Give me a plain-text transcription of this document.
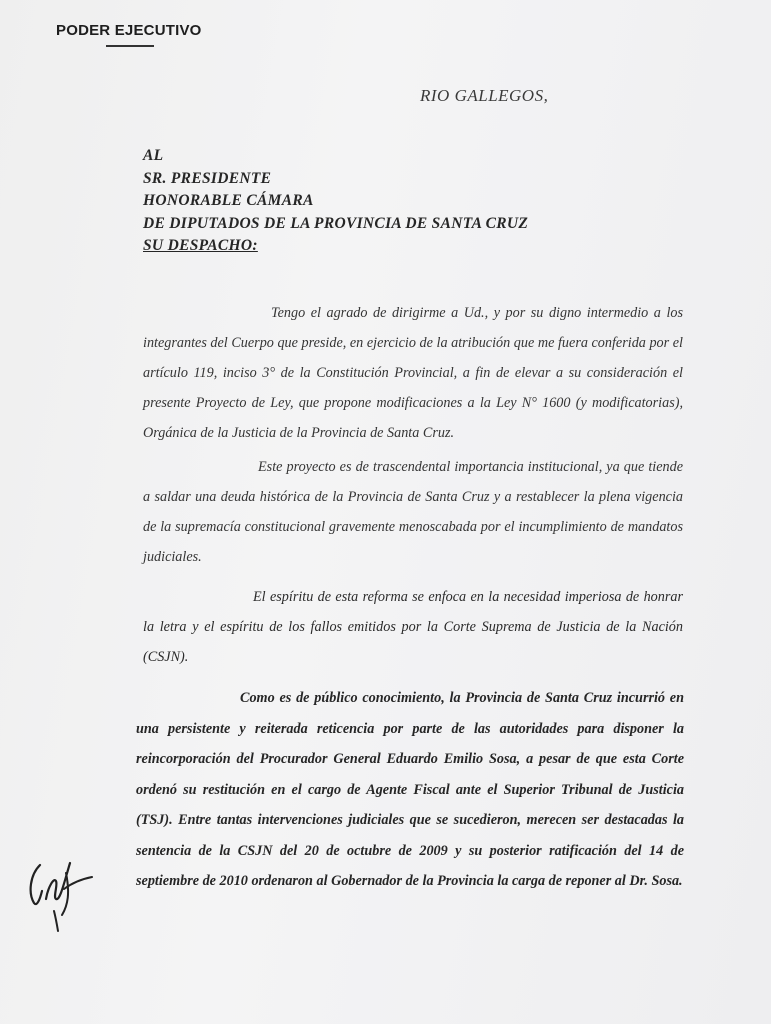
PODER EJECUTIVO
RIO GALLEGOS,
AL
SR. PRESIDENTE
HONORABLE CÁMARA
DE DIPUTADOS DE LA PROVINCIA DE SANTA CRUZ
SU DESPACHO:
Tengo el agrado de dirigirme a Ud., y por su digno intermedio a los integrantes del Cuerpo que preside, en ejercicio de la atribución que me fuera conferida por el artículo 119, inciso 3° de la Constitución Provincial, a fin de elevar a su consideración el presente Proyecto de Ley, que propone modificaciones a la Ley N° 1600 (y modificatorias), Orgánica de la Justicia de la Provincia de Santa Cruz.
Este proyecto es de trascendental importancia institucional, ya que tiende a saldar una deuda histórica de la Provincia de Santa Cruz y a restablecer la plena vigencia de la supremacía constitucional gravemente menoscabada por el incumplimiento de mandatos judiciales.
El espíritu de esta reforma se enfoca en la necesidad imperiosa de honrar la letra y el espíritu de los fallos emitidos por la Corte Suprema de Justicia de la Nación (CSJN).
Como es de público conocimiento, la Provincia de Santa Cruz incurrió en una persistente y reiterada reticencia por parte de las autoridades para disponer la reincorporación del Procurador General Eduardo Emilio Sosa, a pesar de que esta Corte ordenó su restitución en el cargo de Agente Fiscal ante el Superior Tribunal de Justicia (TSJ). Entre tantas intervenciones judiciales que se sucedieron, merecen ser destacadas la sentencia de la CSJN del 20 de octubre de 2009 y su posterior ratificación del 14 de septiembre de 2010 ordenaron al Gobernador de la Provincia la carga de reponer al Dr. Sosa.
